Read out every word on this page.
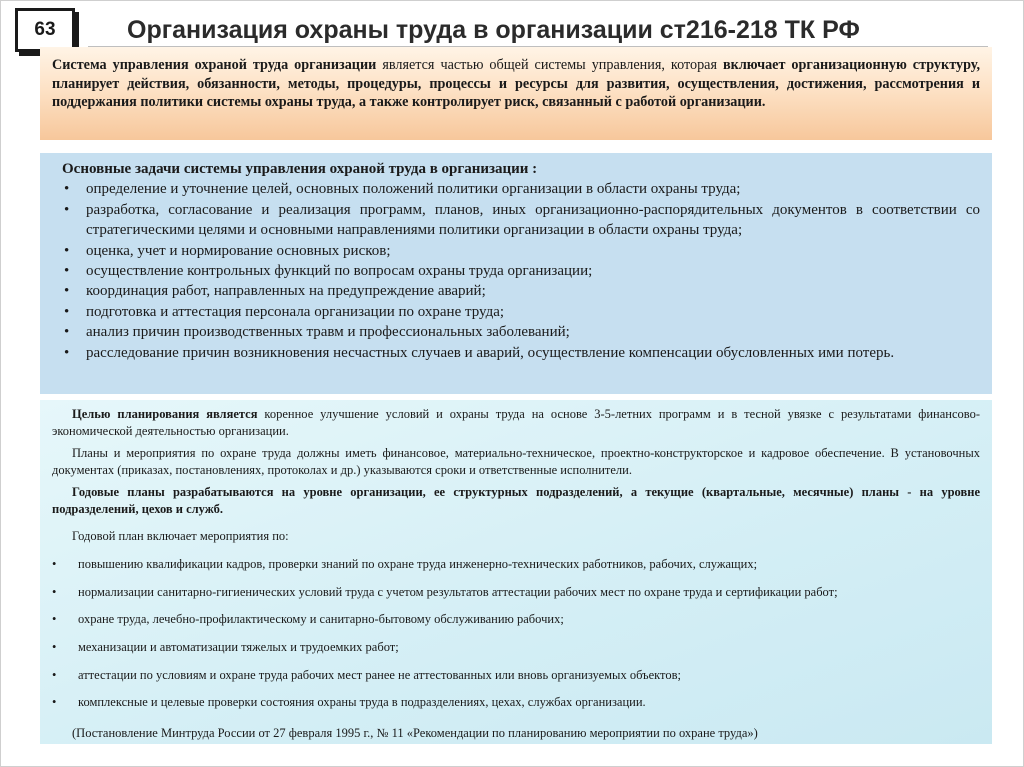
63	Организация охраны труда в организации ст216-218 ТК РФ
Система управления охраной труда организации является частью общей системы управления, которая включает организационную структуру, планирует действия, обязанности, методы, процедуры, процессы и ресурсы для развития, осуществления, достижения, рассмотрения и поддержания политики системы охраны труда, а также контролирует риск, связанный с работой организации.
Основные задачи системы управления охраной труда в организации :
•	определение и уточнение целей, основных положений политики организации в области охраны труда;
•	разработка, согласование и реализация программ, планов, иных организационно-распорядительных документов в соответствии со стратегическими целями и основными направлениями политики организации в области охраны труда;
•	оценка, учет и нормирование основных рисков;
•	осуществление контрольных функций по вопросам охраны труда организации;
•	координация работ, направленных на предупреждение аварий;
•	подготовка и аттестация персонала организации по охране труда;
•	анализ причин производственных травм и профессиональных заболеваний;
•	расследование причин возникновения несчастных случаев и аварий, осуществление компенсации обусловленных ими потерь.
Целью планирования является коренное улучшение условий и охраны труда на основе 3-5-летних программ и в тесной увязке с результатами финансово-экономической деятельностью организации.
Планы и мероприятия по охране труда должны иметь финансовое, материально-техническое, проектно-конструкторское и кадровое обеспечение. В установочных документах (приказах, постановлениях, протоколах и др.) указываются сроки и ответственные исполнители.
Годовые планы разрабатываются на уровне организации, ее структурных подразделений, а текущие (квартальные, месячные) планы - на уровне подразделений, цехов и служб.
Годовой план включает мероприятия по:
•	повышению квалификации кадров, проверки знаний по охране труда инженерно-технических работников, рабочих, служащих;
•	нормализации санитарно-гигиенических условий труда с учетом результатов аттестации рабочих мест по охране труда и сертификации работ;
•	охране труда, лечебно-профилактическому и санитарно-бытовому обслуживанию рабочих;
•	механизации и автоматизации тяжелых и трудоемких работ;
•	аттестации по условиям и охране труда рабочих мест ранее не аттестованных или вновь организуемых объектов;
•	комплексные и целевые проверки состояния охраны труда в подразделениях, цехах, службах организации.
(Постановление Минтруда России от 27 февраля 1995 г., № 11 «Рекомендации по планированию мероприятии по охране труда»)
